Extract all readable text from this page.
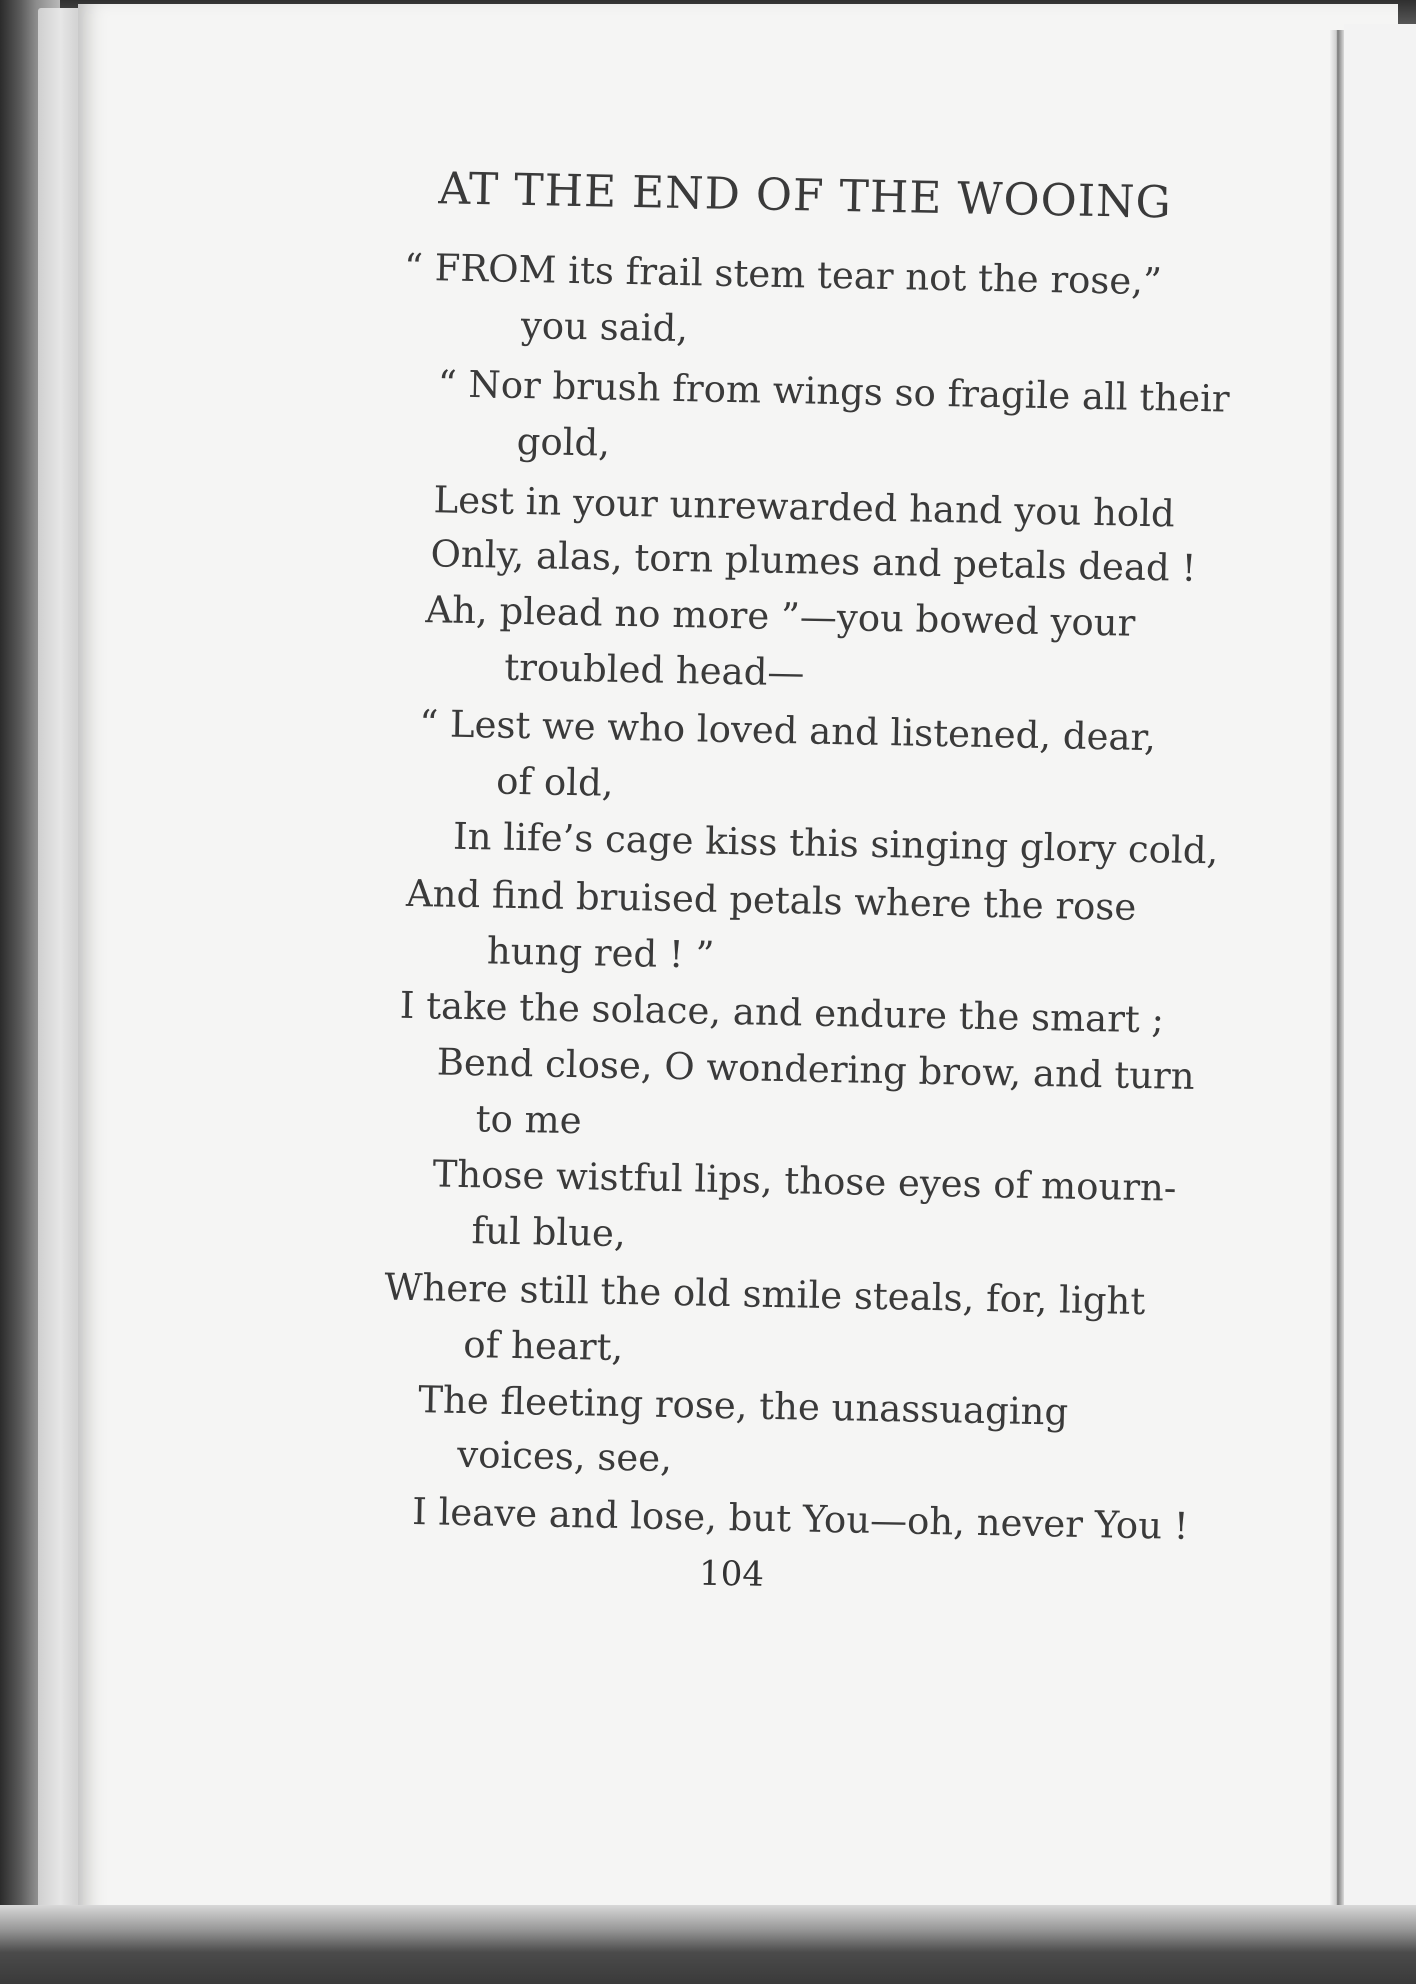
AT THE END OF THE WOOING
“ FROM its frail stem tear not the rose,”
you said,
“ Nor brush from wings so fragile all their
gold,
Lest in your unrewarded hand you hold
Only, alas, torn plumes and petals dead !
Ah, plead no more ”—you bowed your
troubled head—
“ Lest we who loved and listened, dear,
of old,
In life’s cage kiss this singing glory cold,
And find bruised petals where the rose
hung red ! ”
I take the solace, and endure the smart ;
Bend close, O wondering brow, and turn
to me
Those wistful lips, those eyes of mourn-
ful blue,
Where still the old smile steals, for, light
of heart,
The fleeting rose, the unassuaging
voices, see,
I leave and lose, but You—oh, never You !
104
